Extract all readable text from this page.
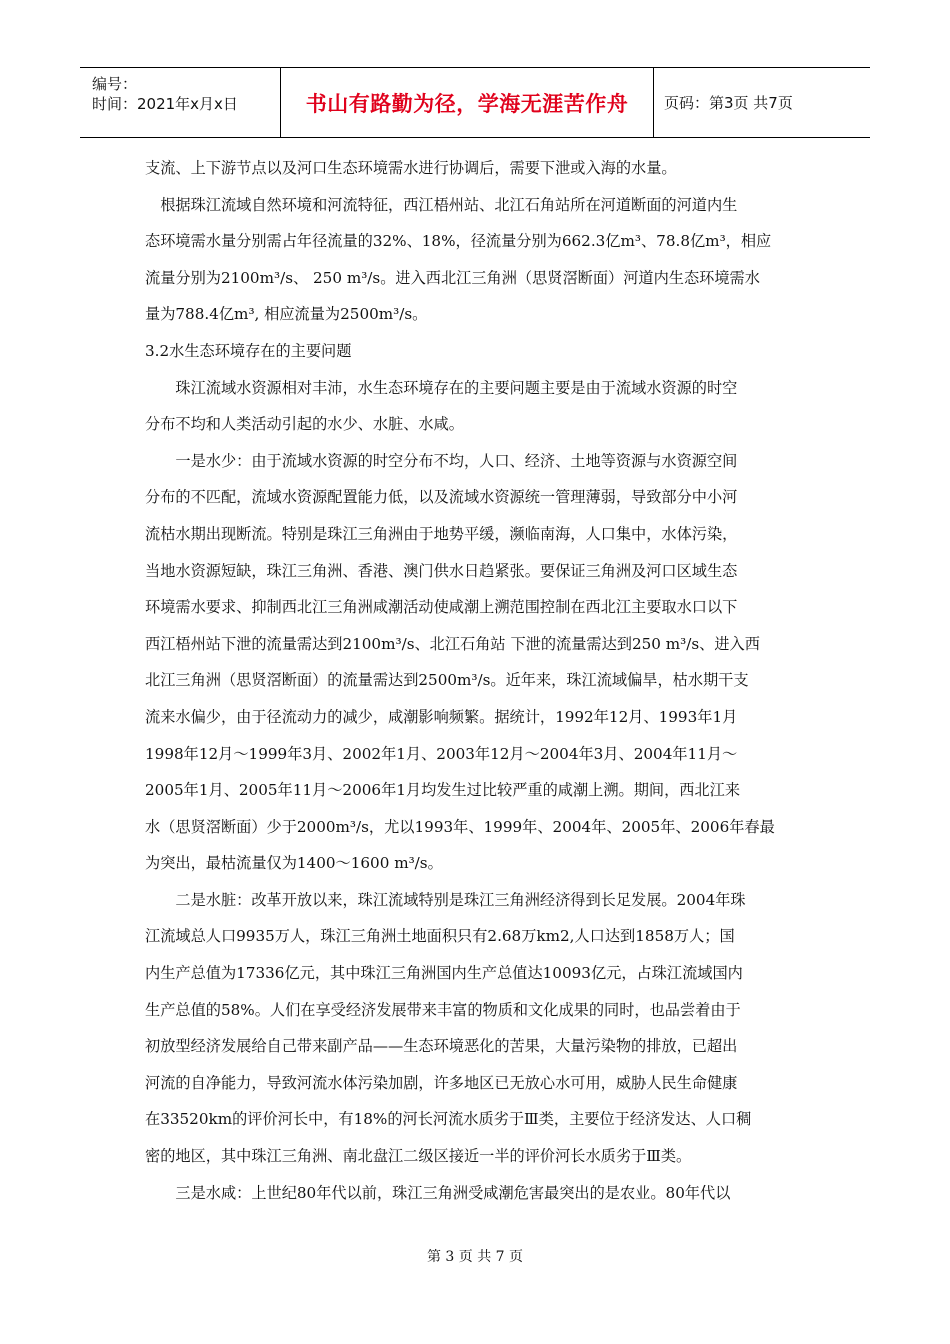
编号：
时间：2021年x月x日	书山有路勤为径，学海无涯苦作舟	页码：第3页 共7页
支流、上下游节点以及河口生态环境需水进行协调后，需要下泄或入海的水量。
根据珠江流域自然环境和河流特征，西江梧州站、北江石角站所在河道断面的河道内生
态环境需水量分别需占年径流量的32%、18%，径流量分别为662.3亿m³、78.8亿m³，相应
流量分别为2100m³/s、 250 m³/s。进入西北江三角洲（思贤滘断面）河道内生态环境需水
量为788.4亿m³, 相应流量为2500m³/s。
3.2水生态环境存在的主要问题
珠江流域水资源相对丰沛，水生态环境存在的主要问题主要是由于流域水资源的时空
分布不均和人类活动引起的水少、水脏、水咸。
一是水少：由于流域水资源的时空分布不均，人口、经济、土地等资源与水资源空间
分布的不匹配，流域水资源配置能力低，以及流域水资源统一管理薄弱，导致部分中小河
流枯水期出现断流。特别是珠江三角洲由于地势平缓，濒临南海，人口集中，水体污染，
当地水资源短缺，珠江三角洲、香港、澳门供水日趋紧张。要保证三角洲及河口区域生态
环境需水要求、抑制西北江三角洲咸潮活动使咸潮上溯范围控制在西北江主要取水口以下
西江梧州站下泄的流量需达到2100m³/s、北江石角站 下泄的流量需达到250 m³/s、进入西
北江三角洲（思贤滘断面）的流量需达到2500m³/s。近年来，珠江流域偏旱，枯水期干支
流来水偏少，由于径流动力的减少，咸潮影响频繁。据统计，1992年12月、1993年1月
1998年12月～1999年3月、2002年1月、2003年12月～2004年3月、2004年11月～
2005年1月、2005年11月～2006年1月均发生过比较严重的咸潮上溯。期间，西北江来
水（思贤滘断面）少于2000m³/s，尤以1993年、1999年、2004年、2005年、2006年春最
为突出，最枯流量仅为1400～1600 m³/s。
二是水脏：改革开放以来，珠江流域特别是珠江三角洲经济得到长足发展。2004年珠
江流域总人口9935万人，珠江三角洲土地面积只有2.68万km2,人口达到1858万人；国
内生产总值为17336亿元，其中珠江三角洲国内生产总值达10093亿元，占珠江流域国内
生产总值的58%。人们在享受经济发展带来丰富的物质和文化成果的同时，也品尝着由于
初放型经济发展给自己带来副产品——生态环境恶化的苦果，大量污染物的排放，已超出
河流的自净能力，导致河流水体污染加剧，许多地区已无放心水可用，威胁人民生命健康
在33520km的评价河长中，有18%的河长河流水质劣于Ⅲ类，主要位于经济发达、人口稠
密的地区，其中珠江三角洲、南北盘江二级区接近一半的评价河长水质劣于Ⅲ类。
三是水咸：上世纪80年代以前，珠江三角洲受咸潮危害最突出的是农业。80年代以
第 3 页 共 7 页
